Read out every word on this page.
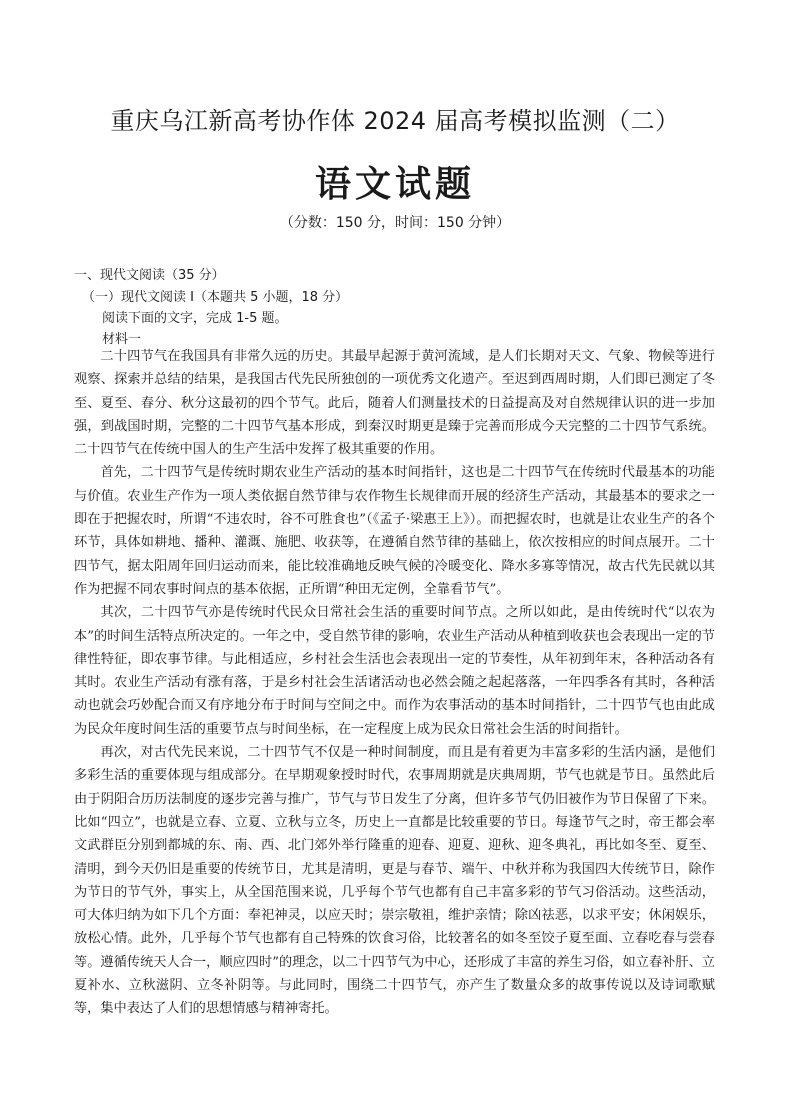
重庆乌江新高考协作体 2024 届高考模拟监测（二）
语文试题
（分数：150 分，时间：150 分钟）
一、现代文阅读（35 分）
（一）现代文阅读 I（本题共 5 小题，18 分）
阅读下面的文字，完成 1-5 题。
材料一

二十四节气在我国具有非常久远的历史。其最早起源于黄河流域，是人们长期对天文、气象、物候等进行观察、探索并总结的结果，是我国古代先民所独创的一项优秀文化遗产。至迟到西周时期，人们即已测定了冬至、夏至、春分、秋分这最初的四个节气。此后，随着人们测量技术的日益提高及对自然规律认识的进一步加强，到战国时期，完整的二十四节气基本形成，到秦汉时期更是臻于完善而形成今天完整的二十四节气系统。二十四节气在传统中国人的生产生活中发挥了极其重要的作用。

首先，二十四节气是传统时期农业生产活动的基本时间指针，这也是二十四节气在传统时代最基本的功能与价值。农业生产作为一项人类依据自然节律与农作物生长规律而开展的经济生产活动，其最基本的要求之一即在于把握农时，所谓“不违农时，谷不可胜食也”（《孟子·梁惠王上》）。而把握农时，也就是让农业生产的各个环节，具体如耕地、播种、灌溉、施肥、收获等，在遵循自然节律的基础上，依次按相应的时间点展开。二十四节气，据太阳周年回归运动而来，能比较准确地反映气候的冷暖变化、降水多寡等情况，故古代先民就以其作为把握不同农事时间点的基本依据，正所谓“种田无定例，全靠看节气”。

其次，二十四节气亦是传统时代民众日常社会生活的重要时间节点。之所以如此，是由传统时代“以农为本”的时间生活特点所决定的。一年之中，受自然节律的影响，农业生产活动从种植到收获也会表现出一定的节律性特征，即农事节律。与此相适应，乡村社会生活也会表现出一定的节奏性，从年初到年末，各种活动各有其时。农业生产活动有涨有落，于是乡村社会生活诸活动也必然会随之起起落落，一年四季各有其时，各种活动也就会巧妙配合而又有序地分布于时间与空间之中。而作为农事活动的基本时间指针，二十四节气也由此成为民众年度时间生活的重要节点与时间坐标，在一定程度上成为民众日常社会生活的时间指针。

再次，对古代先民来说，二十四节气不仅是一种时间制度，而且是有着更为丰富多彩的生活内涵，是他们多彩生活的重要体现与组成部分。在早期观象授时时代，农事周期就是庆典周期，节气也就是节日。虽然此后由于阴阳合历历法制度的逐步完善与推广，节气与节日发生了分离，但许多节气仍旧被作为节日保留了下来。比如“四立”，也就是立春、立夏、立秋与立冬，历史上一直都是比较重要的节日。每逢节气之时，帝王都会率文武群臣分别到都城的东、南、西、北门郊外举行隆重的迎春、迎夏、迎秋、迎冬典礼，再比如冬至、夏至、清明，到今天仍旧是重要的传统节日，尤其是清明，更是与春节、端午、中秋并称为我国四大传统节日，除作为节日的节气外，事实上，从全国范围来说，几乎每个节气也都有自己丰富多彩的节气习俗活动。这些活动，可大体归纳为如下几个方面：奉祀神灵，以应天时；崇宗敬祖，维护亲情；除凶祛恶，以求平安；休闲娱乐，放松心情。此外，几乎每个节气也都有自己特殊的饮食习俗，比较著名的如冬至饺子夏至面、立春吃春与尝春等。遵循传统天人合一，顺应四时”的理念，以二十四节气为中心，还形成了丰富的养生习俗，如立春补肝、立夏补水、立秋滋阴、立冬补阴等。与此同时，围绕二十四节气，亦产生了数量众多的故事传说以及诗词歌赋等，集中表达了人们的思想情感与精神寄托。
